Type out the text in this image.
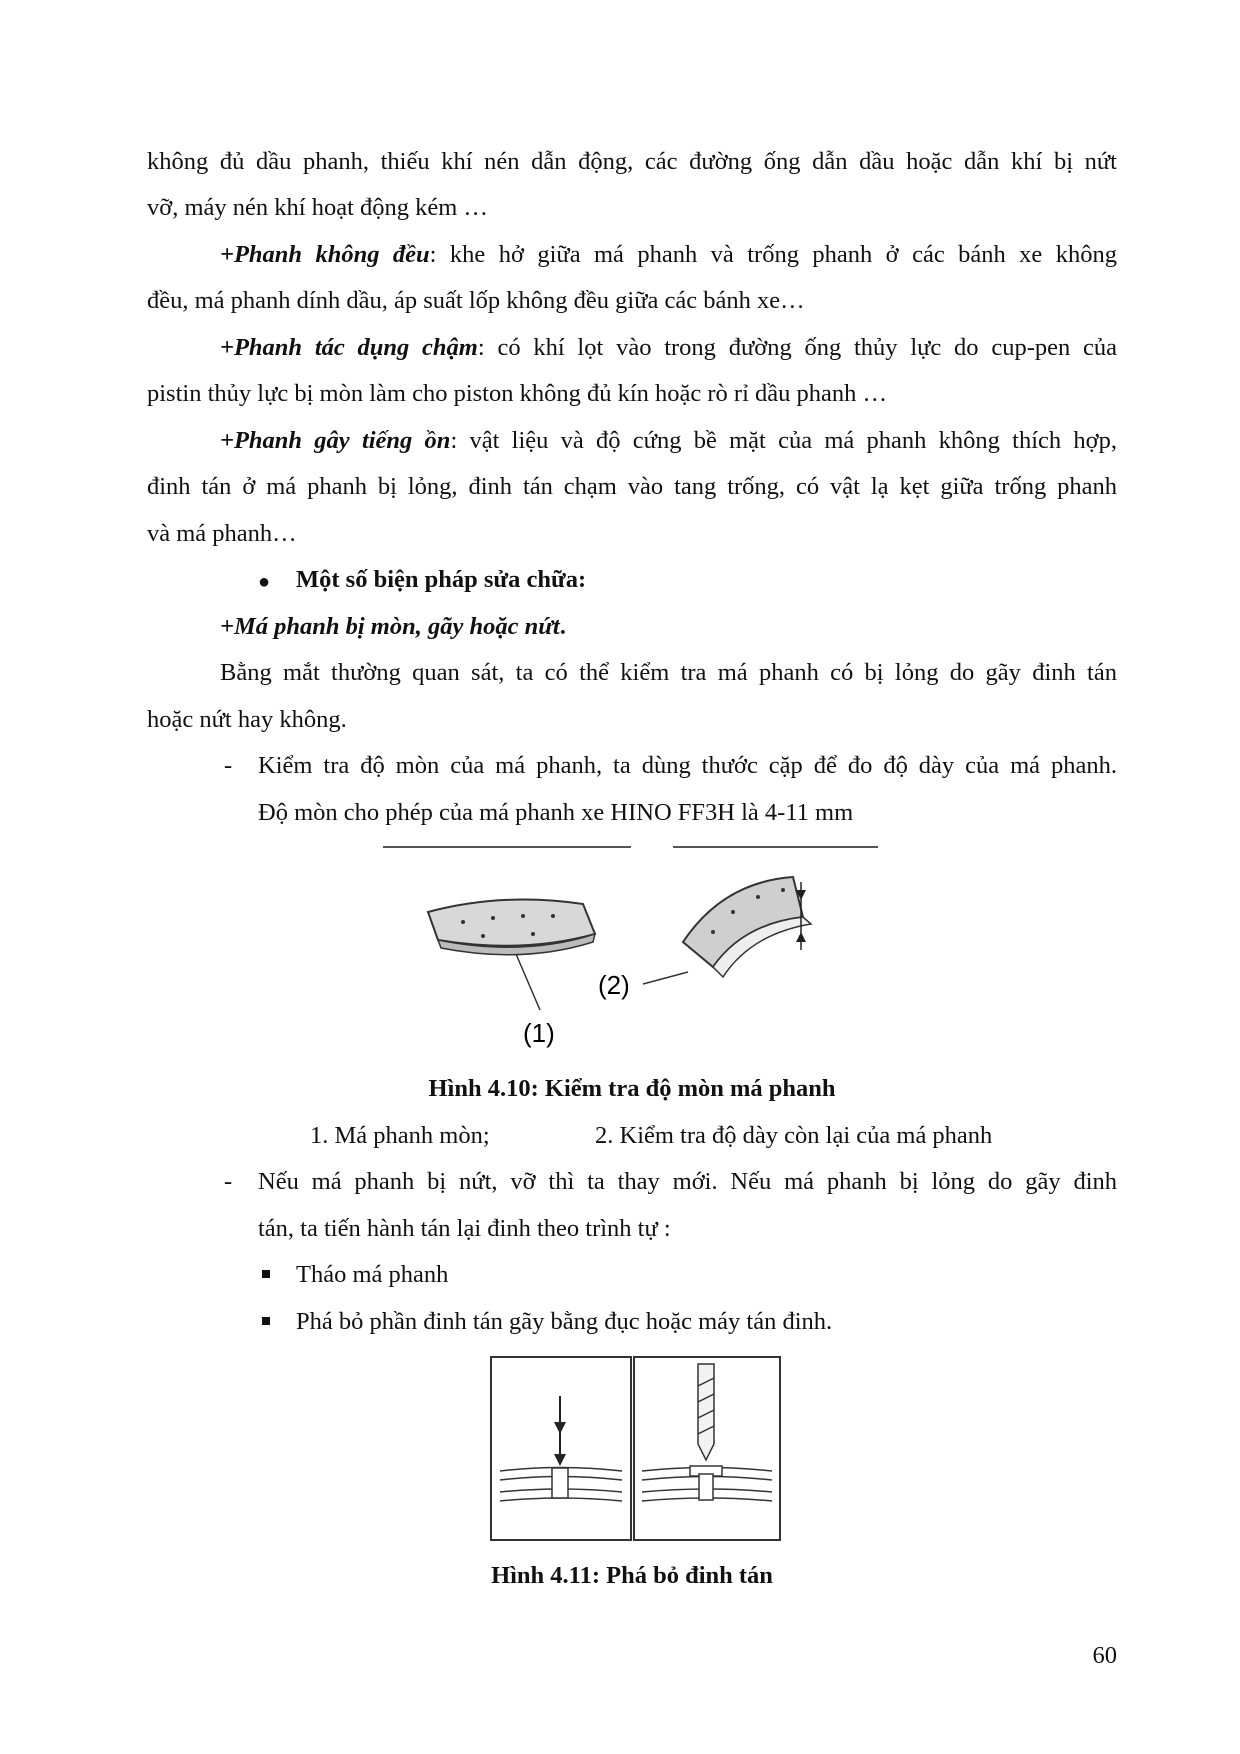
không đủ dầu phanh, thiếu khí nén dẫn động, các đường ống dẫn dầu hoặc dẫn khí bị nứt
vỡ, máy nén khí hoạt động kém …
+Phanh không đều: khe hở giữa má phanh và trống phanh ở các bánh xe không
đều, má phanh dính dầu, áp suất lốp không đều giữa các bánh xe…
+Phanh tác dụng chậm: có khí lọt vào trong đường ống thủy lực do cup-pen của
pistin thủy lực bị mòn làm cho piston không đủ kín hoặc rò rỉ dầu phanh …
+Phanh gây tiếng ồn: vật liệu và độ cứng bề mặt của má phanh không thích hợp,
đinh tán ở má phanh bị lỏng, đinh tán chạm vào tang trống, có vật lạ kẹt giữa trống phanh
và má phanh…
● Một số biện pháp sửa chữa:
+Má phanh bị mòn, gãy hoặc nứt.
Bằng mắt thường quan sát, ta có thể kiểm tra má phanh có bị lỏng do gãy đinh tán
hoặc nứt hay không.
- Kiểm tra độ mòn của má phanh, ta dùng thước cặp để đo độ dày của má phanh.
Độ mòn cho phép của má phanh xe HINO FF3H là 4-11 mm
(1)
(2)
Hình 4.10: Kiểm tra độ mòn má phanh
1. Má phanh mòn;	2. Kiểm tra độ dày còn lại của má phanh
- Nếu má phanh bị nứt, vỡ thì ta thay mới. Nếu má phanh bị lỏng do gãy đinh
tán, ta tiến hành tán lại đinh theo trình tự :
Tháo má phanh
Phá bỏ phần đinh tán gãy bằng đục hoặc máy tán đinh.
Hình 4.11: Phá bỏ đinh tán
60
